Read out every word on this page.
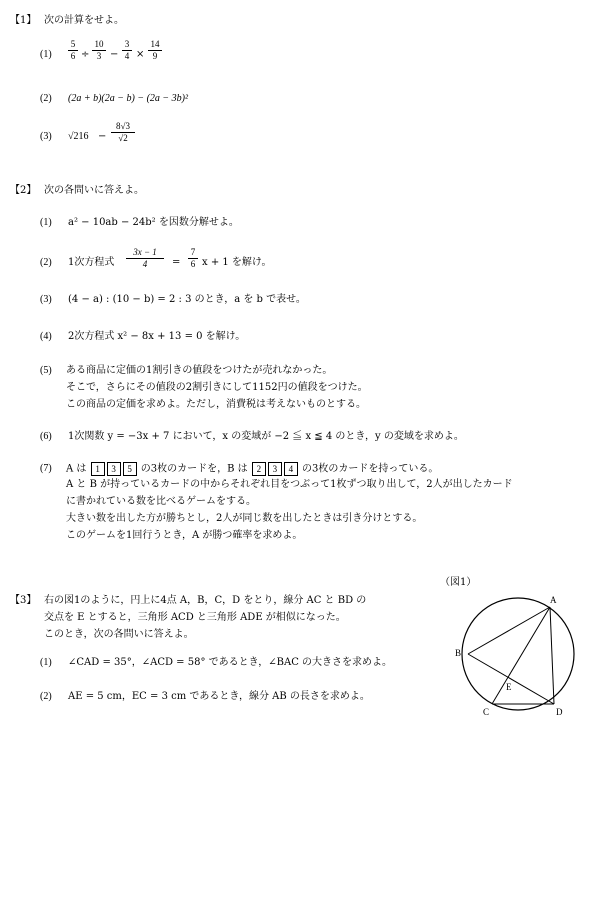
【1】 次の計算をせよ。
(1)
5
6 ÷
10
3 −
3
4 ×
14
9
(2) (2a + b)(2a − b) − (2a − 3b)²
(3) √216 −
8√3
√2
【2】 次の各問いに答えよ。
(1) a² − 10ab − 24b² を因数分解せよ。
(2) 1次方程式
3x − 1
4	=
7
6 x + 1 を解け。
(3) (4 − a) : (10 − b) = 2 : 3 のとき，a を b で表せ。
(4) 2次方程式 x² − 8x + 13 = 0 を解け。
(5) ある商品に定価の1割引きの値段をつけたが売れなかった。
そこで，さらにその値段の2割引きにして1152円の値段をつけた。
この商品の定価を求めよ。ただし，消費税は考えないものとする。
(6) 1次関数 y = −3x + 7 において，x の変域が −2 ≦ x ≦ 4 のとき，y の変域を求めよ。
(7) A は 1 3 5 の3枚のカードを，B は 2 3 4 の3枚のカードを持っている。
A と B が持っているカードの中からそれぞれ目をつぶって1枚ずつ取り出して，2人が出したカード
に書かれている数を比べるゲームをする。
大きい数を出した方が勝ちとし，2人が同じ数を出したときは引き分けとする。
このゲームを1回行うとき，A が勝つ確率を求めよ。
（図1）
【3】 右の図1のように，円上に4点 A，B，C，D をとり，線分 AC と BD の
交点を E とすると，三角形 ACD と三角形 ADE が相似になった。
このとき，次の各問いに答えよ。
(1) ∠CAD = 35°，∠ACD = 58° であるとき，∠BAC の大きさを求めよ。
(2) AE = 5 cm，EC = 3 cm であるとき，線分 AB の長さを求めよ。
A
B
C	D
E
